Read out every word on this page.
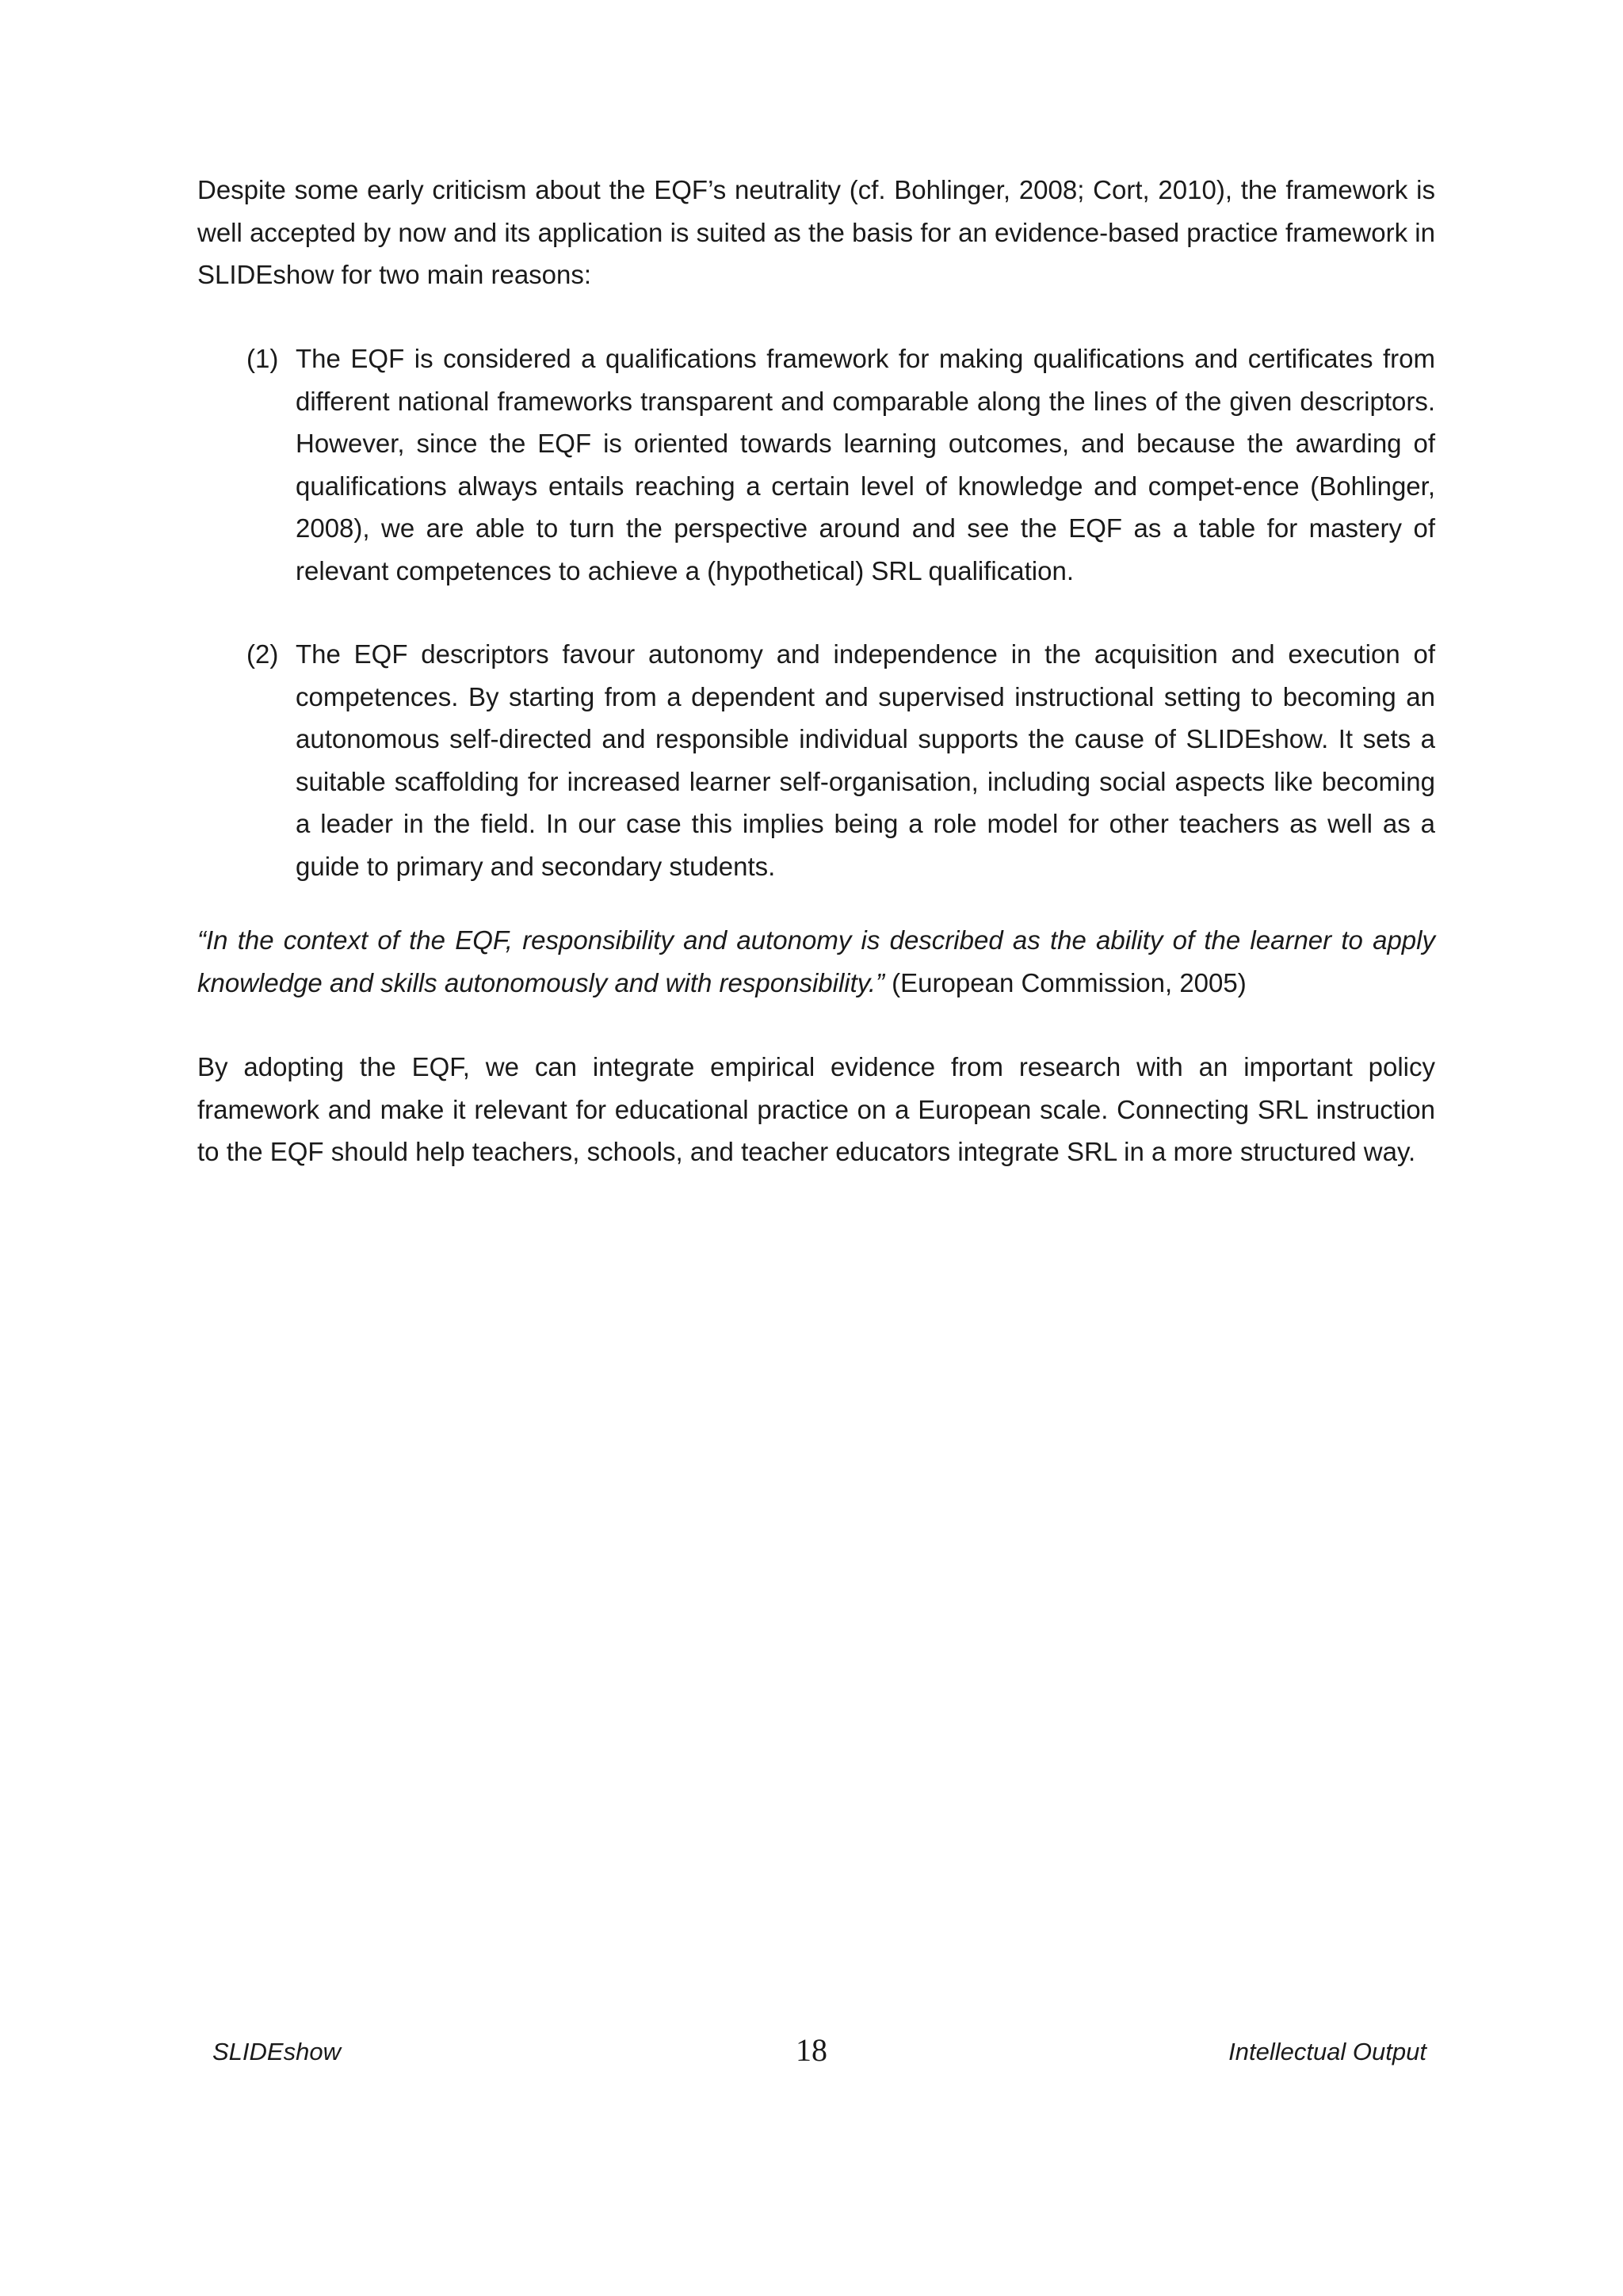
Despite some early criticism about the EQF’s neutrality (cf. Bohlinger, 2008; Cort, 2010), the framework is well accepted by now and its application is suited as the basis for an evidence-based practice framework in SLIDEshow for two main reasons:

(1) The EQF is considered a qualifications framework for making qualifications and certificates from different national frameworks transparent and comparable along the lines of the given descriptors. However, since the EQF is oriented towards learning outcomes, and because the awarding of qualifications always entails reaching a certain level of knowledge and compet-ence (Bohlinger, 2008), we are able to turn the perspective around and see the EQF as a table for mastery of relevant competences to achieve a (hypothetical) SRL qualification.
(2) The EQF descriptors favour autonomy and independence in the acquisition and execution of competences. By starting from a dependent and supervised instructional setting to becoming an autonomous self-directed and responsible individual supports the cause of SLIDEshow. It sets a suitable scaffolding for increased learner self-organisation, including social aspects like becoming a leader in the field. In our case this implies being a role model for other teachers as well as a guide to primary and secondary students.

“In the context of the EQF, responsibility and autonomy is described as the ability of the learner to apply knowledge and skills autonomously and with responsibility.” (European Commission, 2005)

By adopting the EQF, we can integrate empirical evidence from research with an important policy framework and make it relevant for educational practice on a European scale. Connecting SRL instruction to the EQF should help teachers, schools, and teacher educators integrate SRL in a more structured way.

SLIDEshow	18	Intellectual Output
